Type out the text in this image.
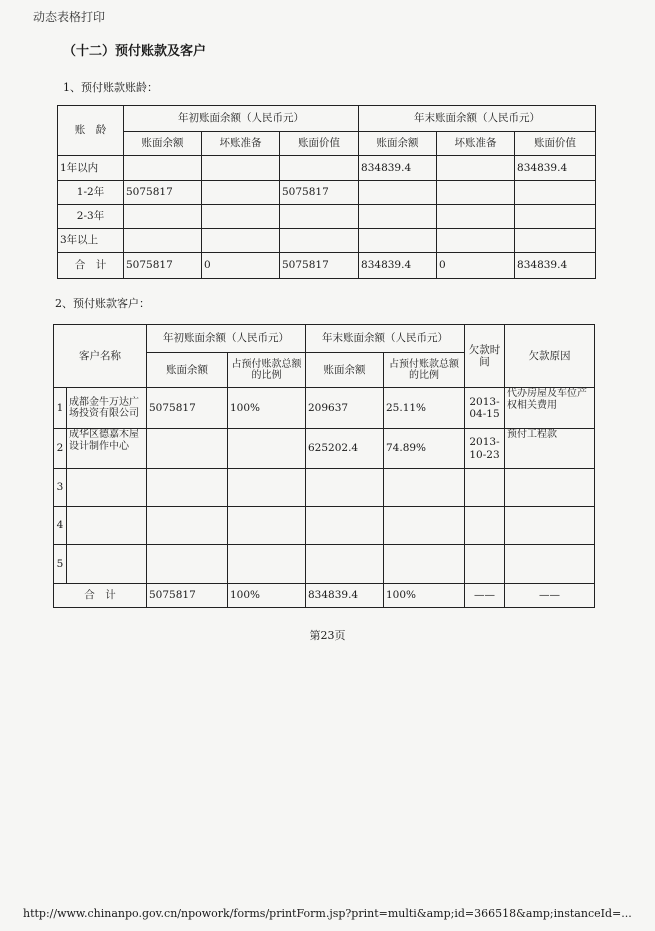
动态表格打印
（十二）预付账款及客户
1、预付账款账龄：
账　龄	年初账面余额（人民币元）			年末账面余额（人民币元）		
	账面余额	坏账准备	账面价值	账面余额	坏账准备	账面价值
1年以内				834839.4		834839.4
1-2年	5075817		5075817			
2-3年						
3年以上						
合　计	5075817	0	5075817	834839.4	0	834839.4
2、预付账款客户：
客户名称		年初账面余额（人民币元）		年末账面余额（人民币元）		欠款时间	欠款原因
		账面余额	占预付账款总额的比例	账面余额	占预付账款总额的比例		
1	成都金牛万达广场投资有限公司	5075817	100%	209637	25.11%	2013-04-15	代办房屋及车位产权相关费用
2	成华区德嘉木屋设计制作中心			625202.4	74.89%	2013-10-23	预付工程款
3							
4							
5							
合　计		5075817	100%	834839.4	100%	——	——
第23页
http://www.chinanpo.gov.cn/npowork/forms/printForm.jsp?print=multi&amp;id=366518&amp;instanceId=...
